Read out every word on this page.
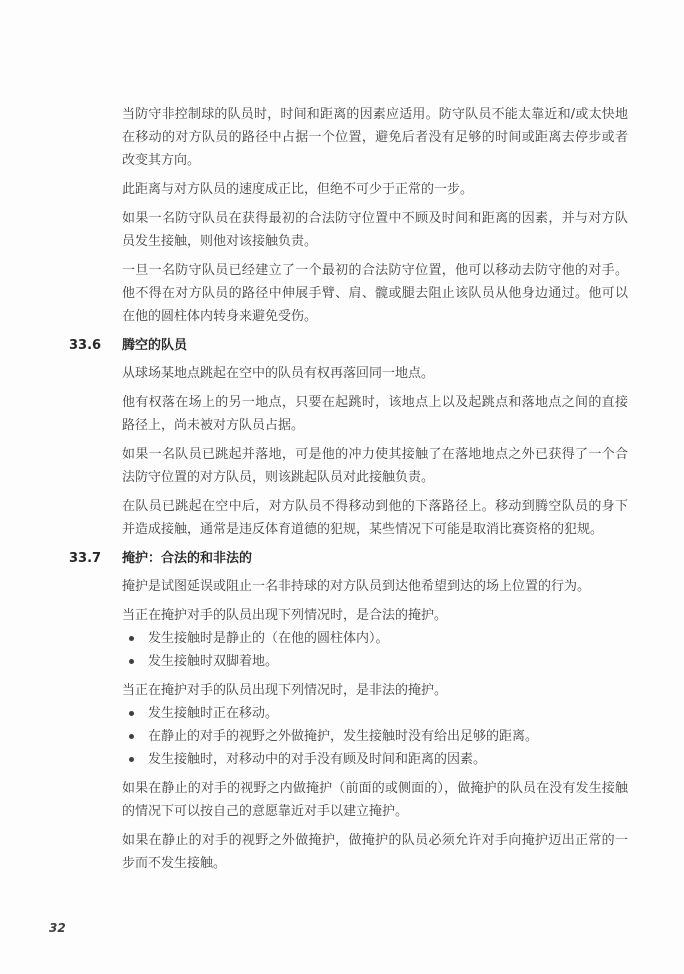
当防守非控制球的队员时，时间和距离的因素应适用。防守队员不能太靠近和/或太快地在移动的对方队员的路径中占据一个位置，避免后者没有足够的时间或距离去停步或者改变其方向。

此距离与对方队员的速度成正比，但绝不可少于正常的一步。

如果一名防守队员在获得最初的合法防守位置中不顾及时间和距离的因素，并与对方队员发生接触，则他对该接触负责。

一旦一名防守队员已经建立了一个最初的合法防守位置，他可以移动去防守他的对手。他不得在对方队员的路径中伸展手臂、肩、髋或腿去阻止该队员从他身边通过。他可以在他的圆柱体内转身来避免受伤。

33.6	腾空的队员

从球场某地点跳起在空中的队员有权再落回同一地点。

他有权落在场上的另一地点，只要在起跳时，该地点上以及起跳点和落地点之间的直接路径上，尚未被对方队员占据。

如果一名队员已跳起并落地，可是他的冲力使其接触了在落地地点之外已获得了一个合法防守位置的对方队员，则该跳起队员对此接触负责。

在队员已跳起在空中后，对方队员不得移动到他的下落路径上。移动到腾空队员的身下并造成接触，通常是违反体育道德的犯规，某些情况下可能是取消比赛资格的犯规。

33.7	掩护：合法的和非法的

掩护是试图延误或阻止一名非持球的对方队员到达他希望到达的场上位置的行为。

当正在掩护对手的队员出现下列情况时，是合法的掩护。

发生接触时是静止的（在他的圆柱体内）。
发生接触时双脚着地。

当正在掩护对手的队员出现下列情况时，是非法的掩护。

发生接触时正在移动。
在静止的对手的视野之外做掩护，发生接触时没有给出足够的距离。
发生接触时，对移动中的对手没有顾及时间和距离的因素。

如果在静止的对手的视野之内做掩护（前面的或侧面的），做掩护的队员在没有发生接触的情况下可以按自己的意愿靠近对手以建立掩护。

如果在静止的对手的视野之外做掩护，做掩护的队员必须允许对手向掩护迈出正常的一步而不发生接触。

32
